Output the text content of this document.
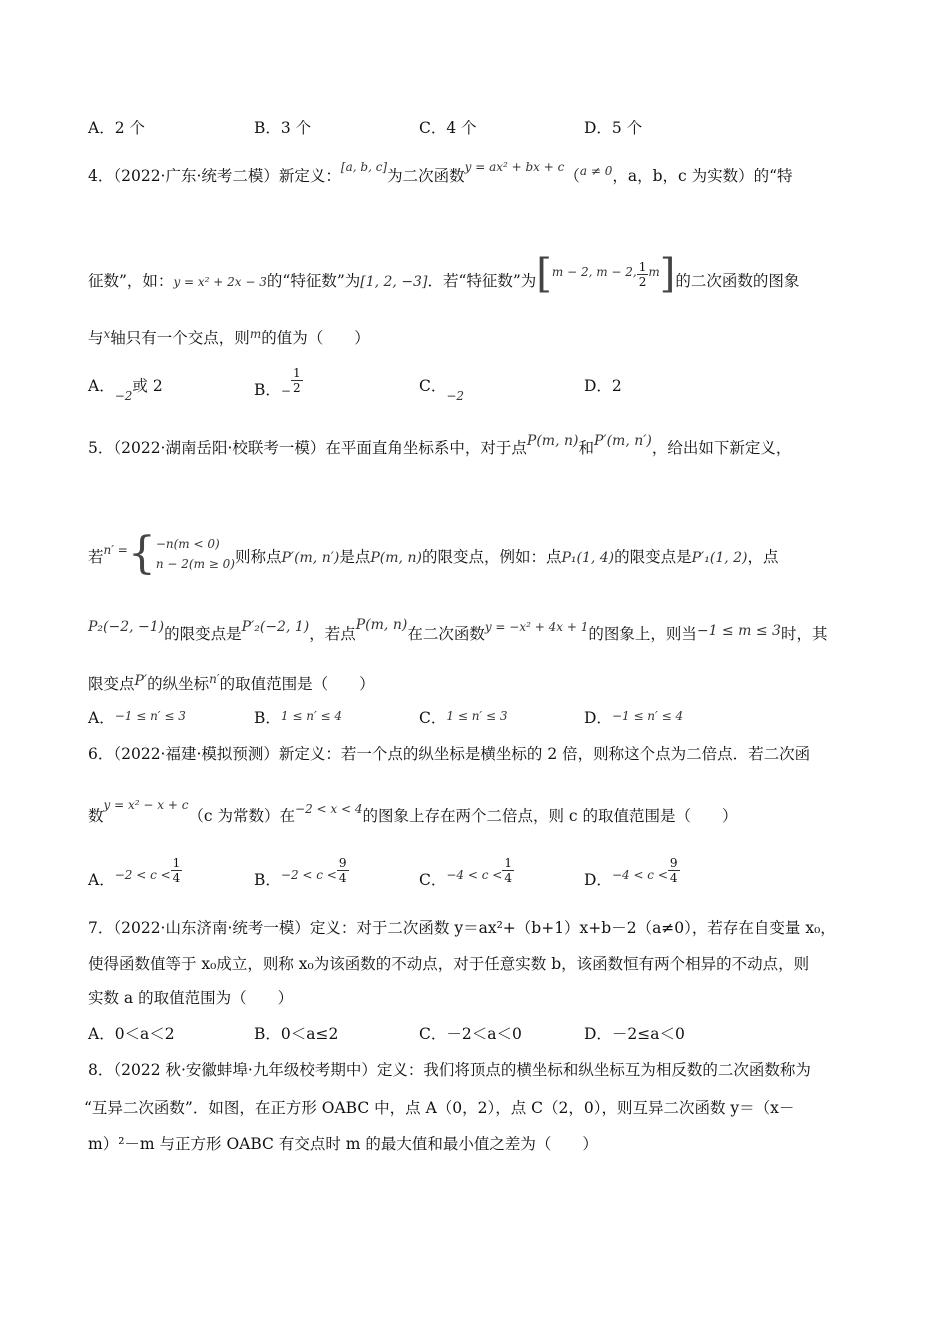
A．2 个	B．3 个	C．4 个	D．5 个
4．（2022·广东·统考二模）新定义：[a, b, c]为二次函数$^{y = ax^2 + bx + c}$（$^{a \ne 0}$，a，b，c 为实数）的“特
征数”，如：y = x² + 2x − 3的“特征数”为[1, 2, −3]．若“特征数”为$[^{m - 2, m - 2,} \frac{1}{2} ^m]$的二次函数的图象
与$^x$轴只有一个交点，则$^m$的值为（　　）
A．$_{-2}$或 2	B．$_- \frac{1}{2}$	C．$_{-2}$
D．2
5．（2022·湖南岳阳·校联考一模）在平面直角坐标系中，对于点P(m, n)和P′(m, n′)，给出如下新定义，
若$^{n' =}${ −n(m < 0)
n − 2(m ≥ 0) 则称点P′(m, n′)是点P(m, n)的限变点，例如：点P₁(1, 4)的限变点是P′₁(1, 2)，点
P₂(−2, −1)的限变点是P′₂(−2, 1)，若点P(m, n)在二次函数$^{y = -x^2 + 4x + 1}$的图象上，则当−1 ≤ m ≤ 3时，其
限变点P′的纵坐标$^{n'}$的取值范围是（　　）
A．−1 ≤ n′ ≤ 3	B．1 ≤ n′ ≤ 4	C．1 ≤ n′ ≤ 3	D．−1 ≤ n′ ≤ 4
6．（2022·福建·模拟预测）新定义：若一个点的纵坐标是横坐标的 2 倍，则称这个点为二倍点．若二次函
数$^{y = x^2 - x + c}$（c 为常数）在$^{-2 < x < 4}$的图象上存在两个二倍点，则 c 的取值范围是（　　）
A．$_{-2 < c <} \frac{1}{4}$	B．$_{-2 < c <} \frac{9}{4}$	C．$_{-4 < c <} \frac{1}{4}$	D．$_{-4 < c <} \frac{9}{4}$
7．（2022·山东济南·统考一模）定义：对于二次函数 y＝ax²+（b+1）x+b－2（a≠0），若存在自变量 x₀，
使得函数值等于 x₀成立，则称 x₀为该函数的不动点，对于任意实数 b，该函数恒有两个相异的不动点，则
实数 a 的取值范围为（　　）
A．0＜a＜2	B．0＜a≤2	C．－2＜a＜0	D．－2≤a＜0
8．（2022 秋·安徽蚌埠·九年级校考期中）定义：我们将顶点的横坐标和纵坐标互为相反数的二次函数称为
“互异二次函数”．如图，在正方形 OABC 中，点 A（0，2），点 C（2，0），则互异二次函数 y＝（x－
m）²－m 与正方形 OABC 有交点时 m 的最大值和最小值之差为（　　）
